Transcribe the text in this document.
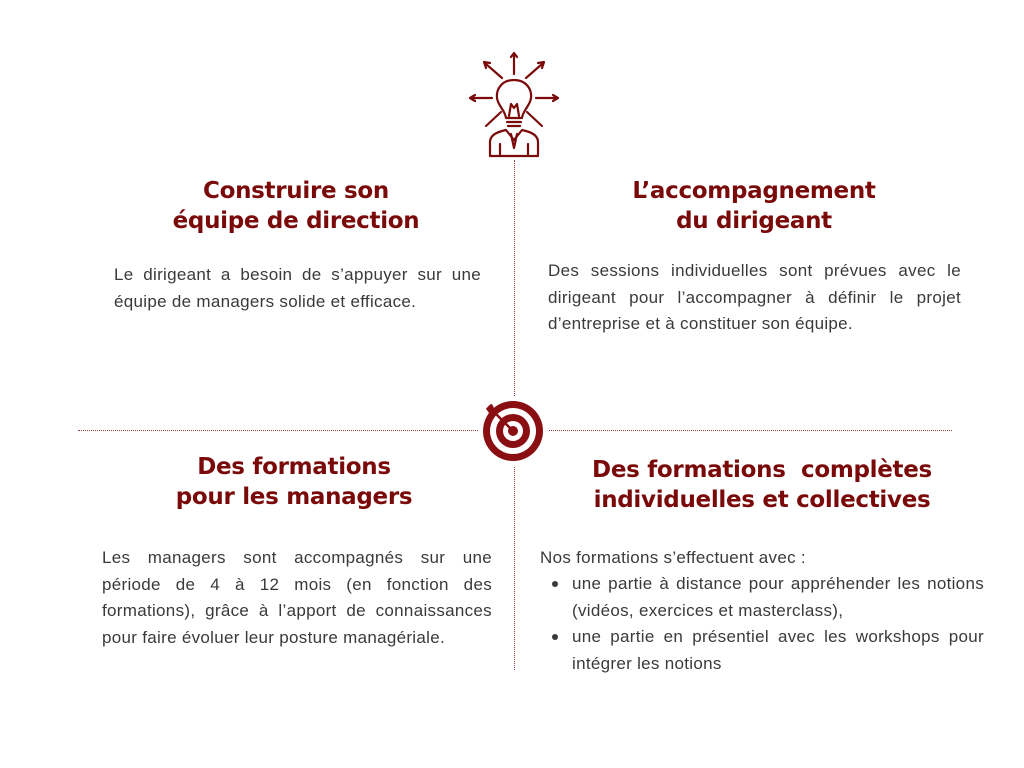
Construire son
équipe de direction

Le dirigeant a besoin de s’appuyer sur une équipe de managers solide et efficace.

L’accompagnement
du dirigeant

Des sessions individuelles sont prévues avec le dirigeant pour l’accompagner à définir le projet d’entreprise et à constituer son équipe.

Des formations
pour les managers

Les managers sont accompagnés sur une période de 4 à 12 mois (en fonction des formations), grâce à l’apport de connaissances pour faire évoluer leur posture managériale.

Des formations  complètes
individuelles et collectives

Nos formations s’effectuent avec :

une partie à distance pour appréhender les notions (vidéos, exercices et masterclass),
une partie en présentiel avec les workshops pour intégrer les notions
